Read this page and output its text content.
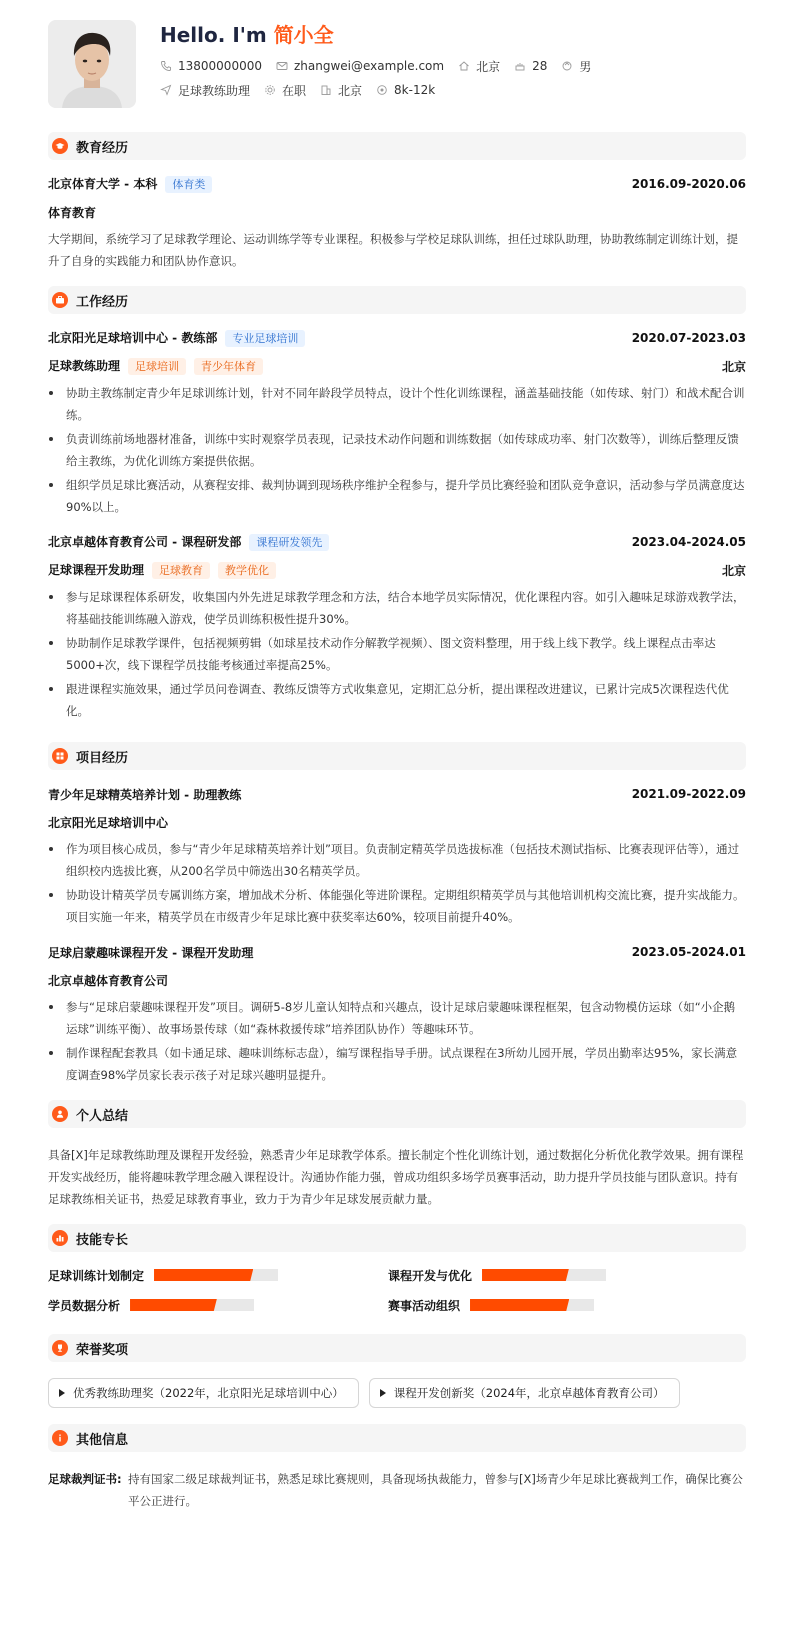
Hello. I'm 简小全
13800000000	zhangwei@example.com	北京	28	男
足球教练助理	在职	北京	8k-12k
教育经历
北京体育大学 - 本科 体育类	2016.09-2020.06
体育教育
大学期间，系统学习了足球教学理论、运动训练学等专业课程。积极参与学校足球队训练，担任过球队助理，协助教练制定训练计划，提升了自身的实践能力和团队协作意识。
工作经历
北京阳光足球培训中心 - 教练部 专业足球培训	2020.07-2023.03
足球教练助理 足球培训 青少年体育	北京
协助主教练制定青少年足球训练计划，针对不同年龄段学员特点，设计个性化训练课程，涵盖基础技能（如传球、射门）和战术配合训练。
负责训练前场地器材准备，训练中实时观察学员表现，记录技术动作问题和训练数据（如传球成功率、射门次数等），训练后整理反馈给主教练，为优化训练方案提供依据。
组织学员足球比赛活动，从赛程安排、裁判协调到现场秩序维护全程参与，提升学员比赛经验和团队竞争意识，活动参与学员满意度达90%以上。
北京卓越体育教育公司 - 课程研发部 课程研发领先	2023.04-2024.05
足球课程开发助理 足球教育 教学优化	北京
参与足球课程体系研发，收集国内外先进足球教学理念和方法，结合本地学员实际情况，优化课程内容。如引入趣味足球游戏教学法，将基础技能训练融入游戏，使学员训练积极性提升30%。
协助制作足球教学课件，包括视频剪辑（如球星技术动作分解教学视频）、图文资料整理，用于线上线下教学。线上课程点击率达5000+次，线下课程学员技能考核通过率提高25%。
跟进课程实施效果，通过学员问卷调查、教练反馈等方式收集意见，定期汇总分析，提出课程改进建议，已累计完成5次课程迭代优化。
项目经历
青少年足球精英培养计划 - 助理教练	2021.09-2022.09
北京阳光足球培训中心
作为项目核心成员，参与“青少年足球精英培养计划”项目。负责制定精英学员选拔标准（包括技术测试指标、比赛表现评估等），通过组织校内选拔比赛，从200名学员中筛选出30名精英学员。
协助设计精英学员专属训练方案，增加战术分析、体能强化等进阶课程。定期组织精英学员与其他培训机构交流比赛，提升实战能力。项目实施一年来，精英学员在市级青少年足球比赛中获奖率达60%，较项目前提升40%。
足球启蒙趣味课程开发 - 课程开发助理	2023.05-2024.01
北京卓越体育教育公司
参与“足球启蒙趣味课程开发”项目。调研5-8岁儿童认知特点和兴趣点，设计足球启蒙趣味课程框架，包含动物模仿运球（如“小企鹅运球”训练平衡）、故事场景传球（如“森林救援传球”培养团队协作）等趣味环节。
制作课程配套教具（如卡通足球、趣味训练标志盘），编写课程指导手册。试点课程在3所幼儿园开展，学员出勤率达95%，家长满意度调查98%学员家长表示孩子对足球兴趣明显提升。
个人总结
具备[X]年足球教练助理及课程开发经验，熟悉青少年足球教学体系。擅长制定个性化训练计划，通过数据化分析优化教学效果。拥有课程开发实战经历，能将趣味教学理念融入课程设计。沟通协作能力强，曾成功组织多场学员赛事活动，助力提升学员技能与团队意识。持有足球教练相关证书，热爱足球教育事业，致力于为青少年足球发展贡献力量。
技能专长
足球训练计划制定	课程开发与优化
学员数据分析	赛事活动组织
荣誉奖项
优秀教练助理奖（2022年，北京阳光足球培训中心）	课程开发创新奖（2024年，北京卓越体育教育公司）
其他信息
足球裁判证书: 持有国家二级足球裁判证书，熟悉足球比赛规则，具备现场执裁能力，曾参与[X]场青少年足球比赛裁判工作，确保比赛公平公正进行。
